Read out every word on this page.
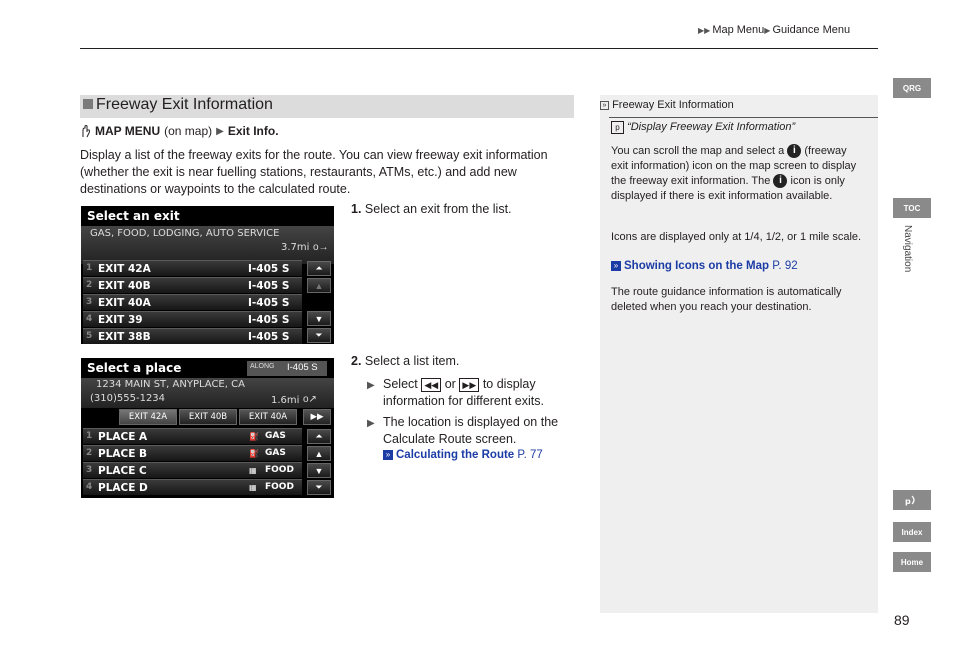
▶▶ Map Menu▶ Guidance Menu
QRG
TOC
Navigation
p
Index
Home
Freeway Exit Information
MAP MENU (on map) ▶ Exit Info.
Display a list of the freeway exits for the route. You can view freeway exit information (whether the exit is near fuelling stations, restaurants, ATMs, etc.) and add new destinations or waypoints to the calculated route.
Select an exit
GAS, FOOD, LODGING, AUTO SERVICE
3.7mi o→
1 EXIT 42A	I-405 S
2 EXIT 40B	I-405 S
3 EXIT 40A	I-405 S
4 EXIT 39	I-405 S
5 EXIT 38B	I-405 S
⏶
▲
▼
⏷
Select a place	ALONG I-405 S
1234 MAIN ST, ANYPLACE, CA
(310)555-1234	1.6mi o↗
EXIT 42A	EXIT 40B	EXIT 40A	▶▶
1 PLACE A	⛽ GAS
2 PLACE B	⛽ GAS
3 PLACE C	▦ FOOD
4 PLACE D	▦ FOOD
⏶
▲
▼
⏷
1. Select an exit from the list.
2. Select a list item.
▶ Select ◀◀ or ▶▶ to display information for different exits.
▶ The location is displayed on the Calculate Route screen.
» Calculating the Route P. 77
» Freeway Exit Information
p “Display Freeway Exit Information”
You can scroll the map and select a i (freeway exit information) icon on the map screen to display the freeway exit information. The i icon is only displayed if there is exit information available.
Icons are displayed only at 1/4, 1/2, or 1 mile scale.
» Showing Icons on the Map P. 92
The route guidance information is automatically deleted when you reach your destination.
89
